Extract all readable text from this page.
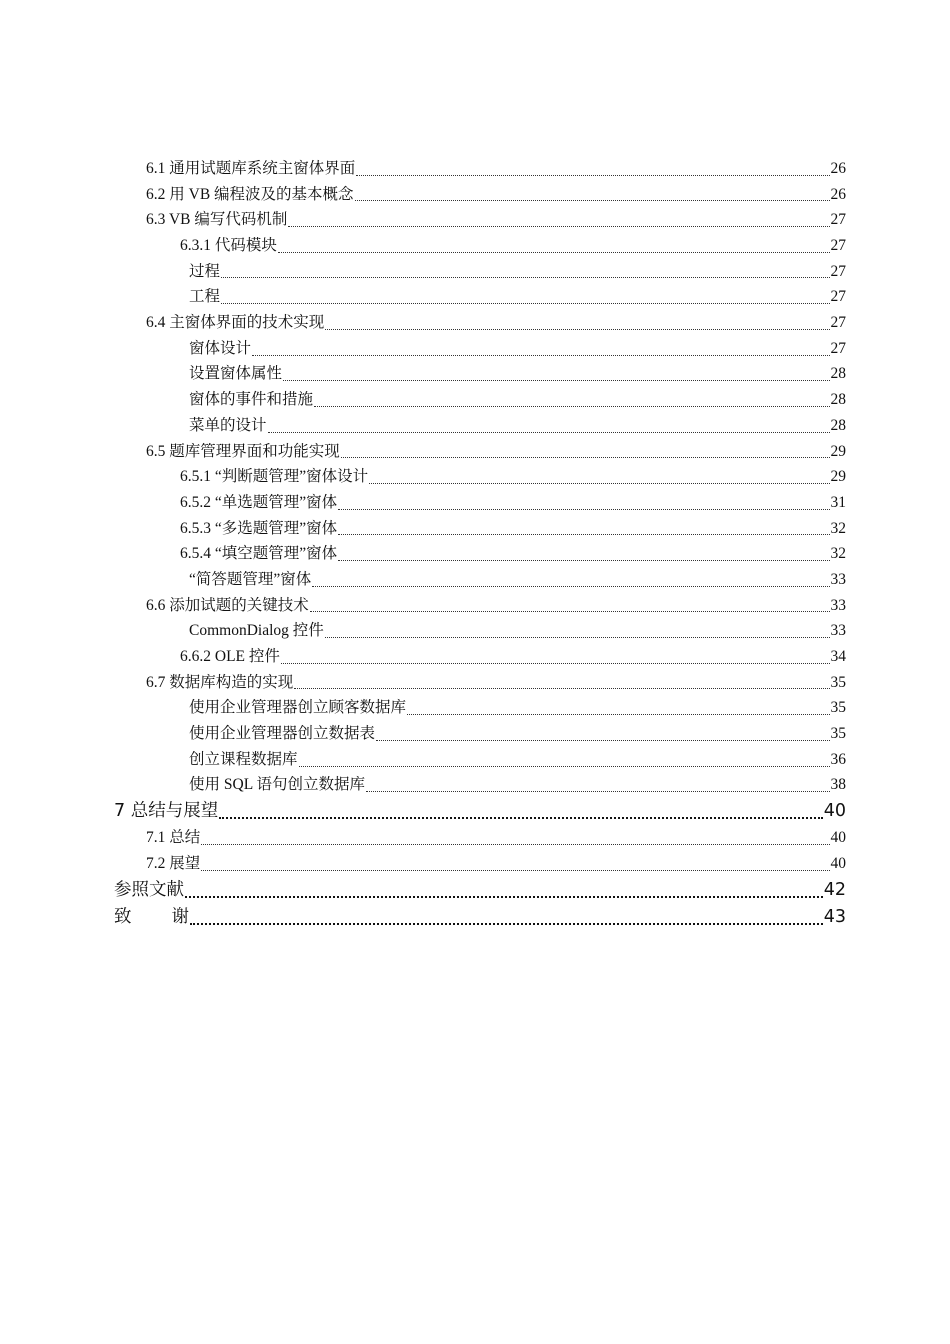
6.1 通用试题库系统主窗体界面	26
6.2 用 VB 编程波及的基本概念	26
6.3 VB 编写代码机制	27
6.3.1 代码模块	27
过程	27
工程	27
6.4 主窗体界面的技术实现	27
窗体设计	27
设置窗体属性	28
窗体的事件和措施	28
菜单的设计	28
6.5 题库管理界面和功能实现	29
6.5.1 “判断题管理”窗体设计	29
6.5.2 “单选题管理”窗体	31
6.5.3 “多选题管理”窗体	32
6.5.4 “填空题管理”窗体	32
“简答题管理”窗体	33
6.6 添加试题的关键技术	33
CommonDialog 控件	33
6.6.2 OLE 控件	34
6.7 数据库构造的实现	35
使用企业管理器创立顾客数据库	35
使用企业管理器创立数据表	35
创立课程数据库	36
使用 SQL 语句创立数据库	38
7 总结与展望	40
7.1 总结	40
7.2 展望	40
参照文献	42
致 谢	43
